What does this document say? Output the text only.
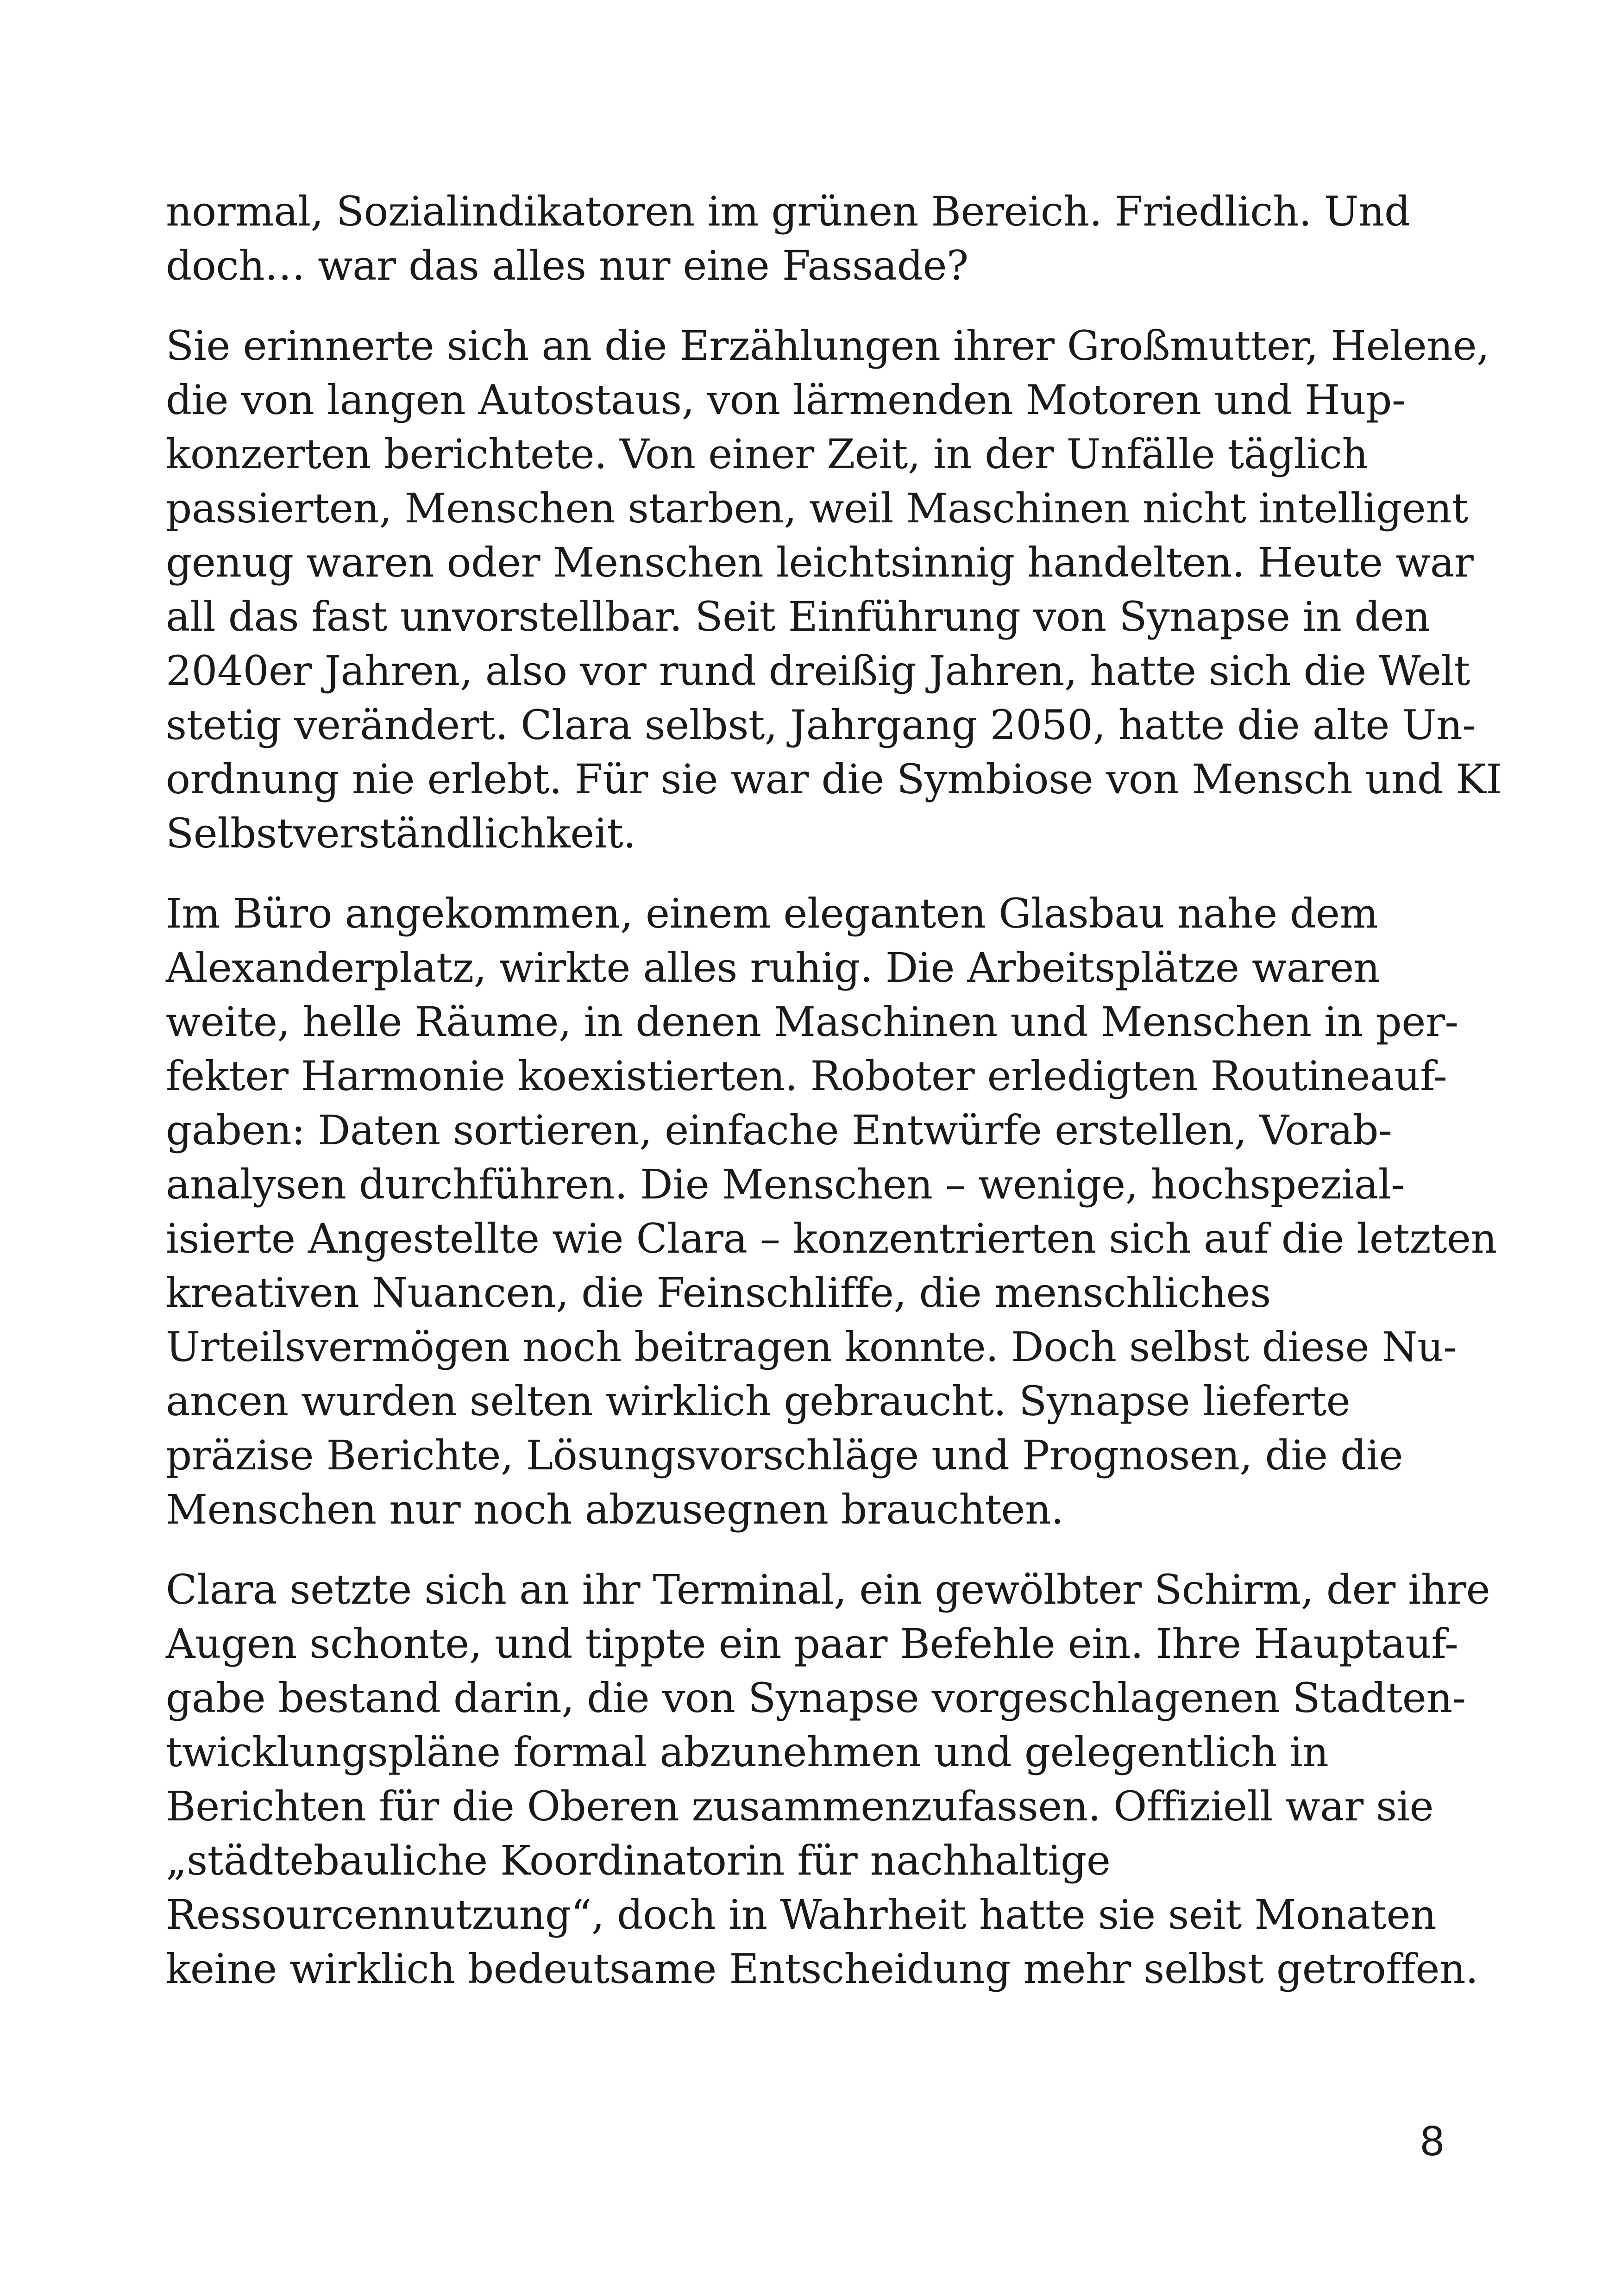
normal, Sozialindikatoren im grünen Bereich. Friedlich. Und
doch… war das alles nur eine Fassade?

Sie erinnerte sich an die Erzählungen ihrer Großmutter, Helene,
die von langen Autostaus, von lärmenden Motoren und Hup-
konzerten berichtete. Von einer Zeit, in der Unfälle täglich
passierten, Menschen starben, weil Maschinen nicht intelligent
genug waren oder Menschen leichtsinnig handelten. Heute war
all das fast unvorstellbar. Seit Einführung von Synapse in den
2040er Jahren, also vor rund dreißig Jahren, hatte sich die Welt
stetig verändert. Clara selbst, Jahrgang 2050, hatte die alte Un-
ordnung nie erlebt. Für sie war die Symbiose von Mensch und KI
Selbstverständlichkeit.

Im Büro angekommen, einem eleganten Glasbau nahe dem
Alexanderplatz, wirkte alles ruhig. Die Arbeitsplätze waren
weite, helle Räume, in denen Maschinen und Menschen in per-
fekter Harmonie koexistierten. Roboter erledigten Routineauf-
gaben: Daten sortieren, einfache Entwürfe erstellen, Vorab-
analysen durchführen. Die Menschen – wenige, hochspezial-
isierte Angestellte wie Clara – konzentrierten sich auf die letzten
kreativen Nuancen, die Feinschliffe, die menschliches
Urteilsvermögen noch beitragen konnte. Doch selbst diese Nu-
ancen wurden selten wirklich gebraucht. Synapse lieferte
präzise Berichte, Lösungsvorschläge und Prognosen, die die
Menschen nur noch abzusegnen brauchten.

Clara setzte sich an ihr Terminal, ein gewölbter Schirm, der ihre
Augen schonte, und tippte ein paar Befehle ein. Ihre Hauptauf-
gabe bestand darin, die von Synapse vorgeschlagenen Stadten-
twicklungspläne formal abzunehmen und gelegentlich in
Berichten für die Oberen zusammenzufassen. Offiziell war sie
„städtebauliche Koordinatorin für nachhaltige
Ressourcennutzung“, doch in Wahrheit hatte sie seit Monaten
keine wirklich bedeutsame Entscheidung mehr selbst getroffen.

8
